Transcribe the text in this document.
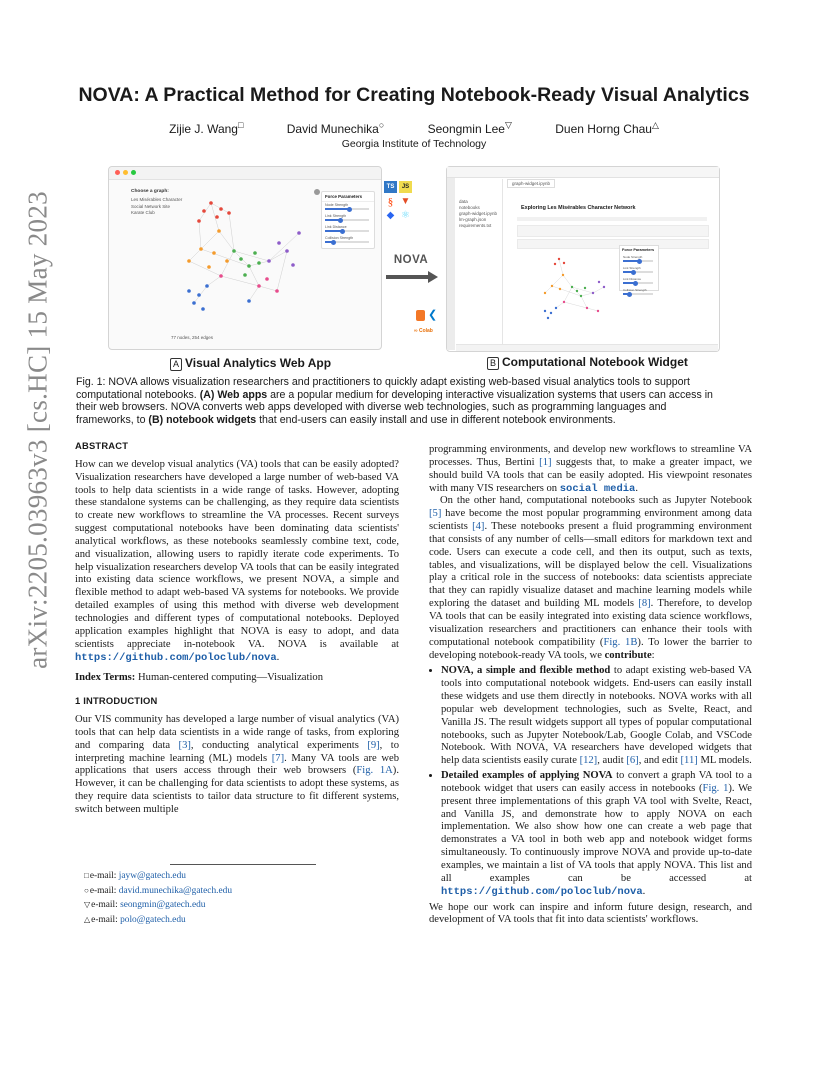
arXiv:2205.03963v3 [cs.HC] 15 May 2023
NOVA: A Practical Method for Creating Notebook-Ready Visual Analytics
Zijie J. Wang□	David Munechika○	Seongmin Lee▽	Duen Horng Chau△
Georgia Institute of Technology
Choose a graph:
Les Misérables Character
Social Network Site
Karate Club
Force Parameters
Node Strength
Link Strength
Link Distance
Collision Strength
77 nodes, 254 edges
TS	JS
§ ▼
◆ ⚛
NOVA
❮
∞ Colab
data
notebooks
graph-widget.ipynb
lm-graph.json
requirements.txt
graph-widget.ipynb
Exploring Les Misérables Character Network
Force Parameters
Node Strength
Link Strength
Link Distance
Collision Strength
A Visual Analytics Web App	B Computational Notebook Widget

Fig. 1: NOVA allows visualization researchers and practitioners to quickly adapt existing web-based visual analytics tools to support computational notebooks. (A) Web apps are a popular medium for developing interactive visualization systems that users can access in their web browsers. NOVA converts web apps developed with diverse web technologies, such as programming languages and frameworks, to (B) notebook widgets that end-users can easily install and use in different notebook environments.

ABSTRACT

How can we develop visual analytics (VA) tools that can be easily adopted? Visualization researchers have developed a large number of web-based VA tools to help data scientists in a wide range of tasks. However, adopting these standalone systems can be challenging, as they require data scientists to create new workflows to streamline the VA processes. Recent surveys suggest computational notebooks have been dominating data scientists' analytical workflows, as these notebooks seamlessly combine text, code, and visualization, allowing users to rapidly iterate code experiments. To help visualization researchers develop VA tools that can be easily integrated into existing data science workflows, we present NOVA, a simple and flexible method to adapt web-based VA systems for notebooks. We provide detailed examples of using this method with diverse web development technologies and different types of computational notebooks. Deployed application examples highlight that NOVA is easy to adopt, and data scientists appreciate in-notebook VA. NOVA is available at https://github.com/poloclub/nova.

Index Terms: Human-centered computing—Visualization

1 INTRODUCTION

Our VIS community has developed a large number of visual analytics (VA) tools that can help data scientists in a wide range of tasks, from exploring and comparing data [3], conducting analytical experiments [9], to interpreting machine learning (ML) models [7]. Many VA tools are web applications that users access through their web browsers (Fig. 1A). However, it can be challenging for data scientists to adopt these systems, as they require data scientists to tailor data structure to fit different systems, switch between multiple

□e-mail: jayw@gatech.edu
○e-mail: david.munechika@gatech.edu
▽e-mail: seongmin@gatech.edu
△e-mail: polo@gatech.edu

programming environments, and develop new workflows to streamline VA processes. Thus, Bertini [1] suggests that, to make a greater impact, we should build VA tools that can be easily adopted. His viewpoint resonates with many VIS researchers on social media.

On the other hand, computational notebooks such as Jupyter Notebook [5] have become the most popular programming environment among data scientists [4]. These notebooks present a fluid programming environment that consists of any number of cells—small editors for markdown text and code. Users can execute a code cell, and then its output, such as texts, tables, and visualizations, will be displayed below the cell. Visualizations play a critical role in the success of notebooks: data scientists appreciate that they can rapidly visualize dataset and machine learning models while exploring the dataset and building ML models [8]. Therefore, to develop VA tools that can be easily integrated into existing data science workflows, visualization researchers and practitioners can enhance their tools with computational notebook compatibility (Fig. 1B). To lower the barrier to developing notebook-ready VA tools, we contribute:

• NOVA, a simple and flexible method to adapt existing web-based VA tools into computational notebook widgets. End-users can easily install these widgets and use them directly in notebooks. NOVA works with all popular web development technologies, such as Svelte, React, and Vanilla JS. The result widgets support all types of popular computational notebooks, such as Jupyter Notebook/Lab, Google Colab, and VSCode Notebook. With NOVA, VA researchers have developed widgets that help data scientists easily curate [12], audit [6], and edit [11] ML models.
• Detailed examples of applying NOVA to convert a graph VA tool to a notebook widget that users can easily access in notebooks (Fig. 1). We present three implementations of this graph VA tool with Svelte, React, and Vanilla JS, and demonstrate how to apply NOVA on each implementation. We also show how one can create a web page that demonstrates a VA tool in both web app and notebook widget forms simultaneously. To continuously improve NOVA and provide up-to-date examples, we maintain a list of VA tools that apply NOVA. This list and all examples can be accessed at https://github.com/poloclub/nova.

We hope our work can inspire and inform future design, research, and development of VA tools that fit into data scientists' workflows.
